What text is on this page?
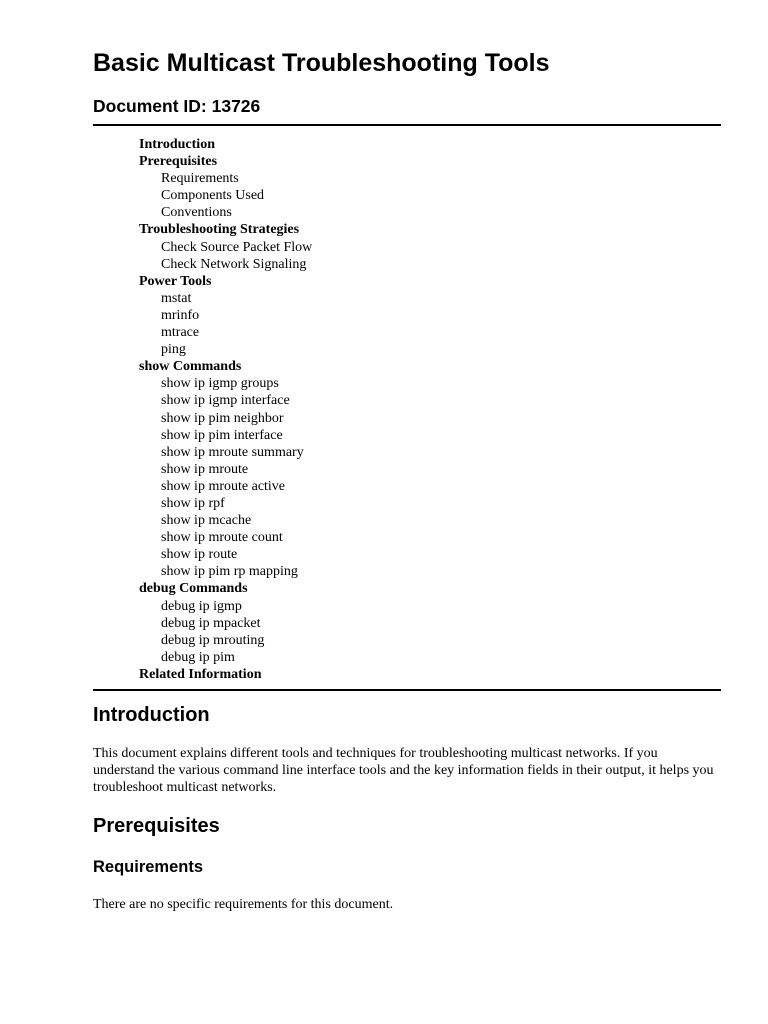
Basic Multicast Troubleshooting Tools
Document ID: 13726
Introduction
Prerequisites
Requirements
Components Used
Conventions
Troubleshooting Strategies
Check Source Packet Flow
Check Network Signaling
Power Tools
mstat
mrinfo
mtrace
ping
show Commands
show ip igmp groups
show ip igmp interface
show ip pim neighbor
show ip pim interface
show ip mroute summary
show ip mroute
show ip mroute active
show ip rpf
show ip mcache
show ip mroute count
show ip route
show ip pim rp mapping
debug Commands
debug ip igmp
debug ip mpacket
debug ip mrouting
debug ip pim
Related Information
Introduction

This document explains different tools and techniques for troubleshooting multicast networks. If you understand the various command line interface tools and the key information fields in their output, it helps you troubleshoot multicast networks.

Prerequisites
Requirements

There are no specific requirements for this document.
